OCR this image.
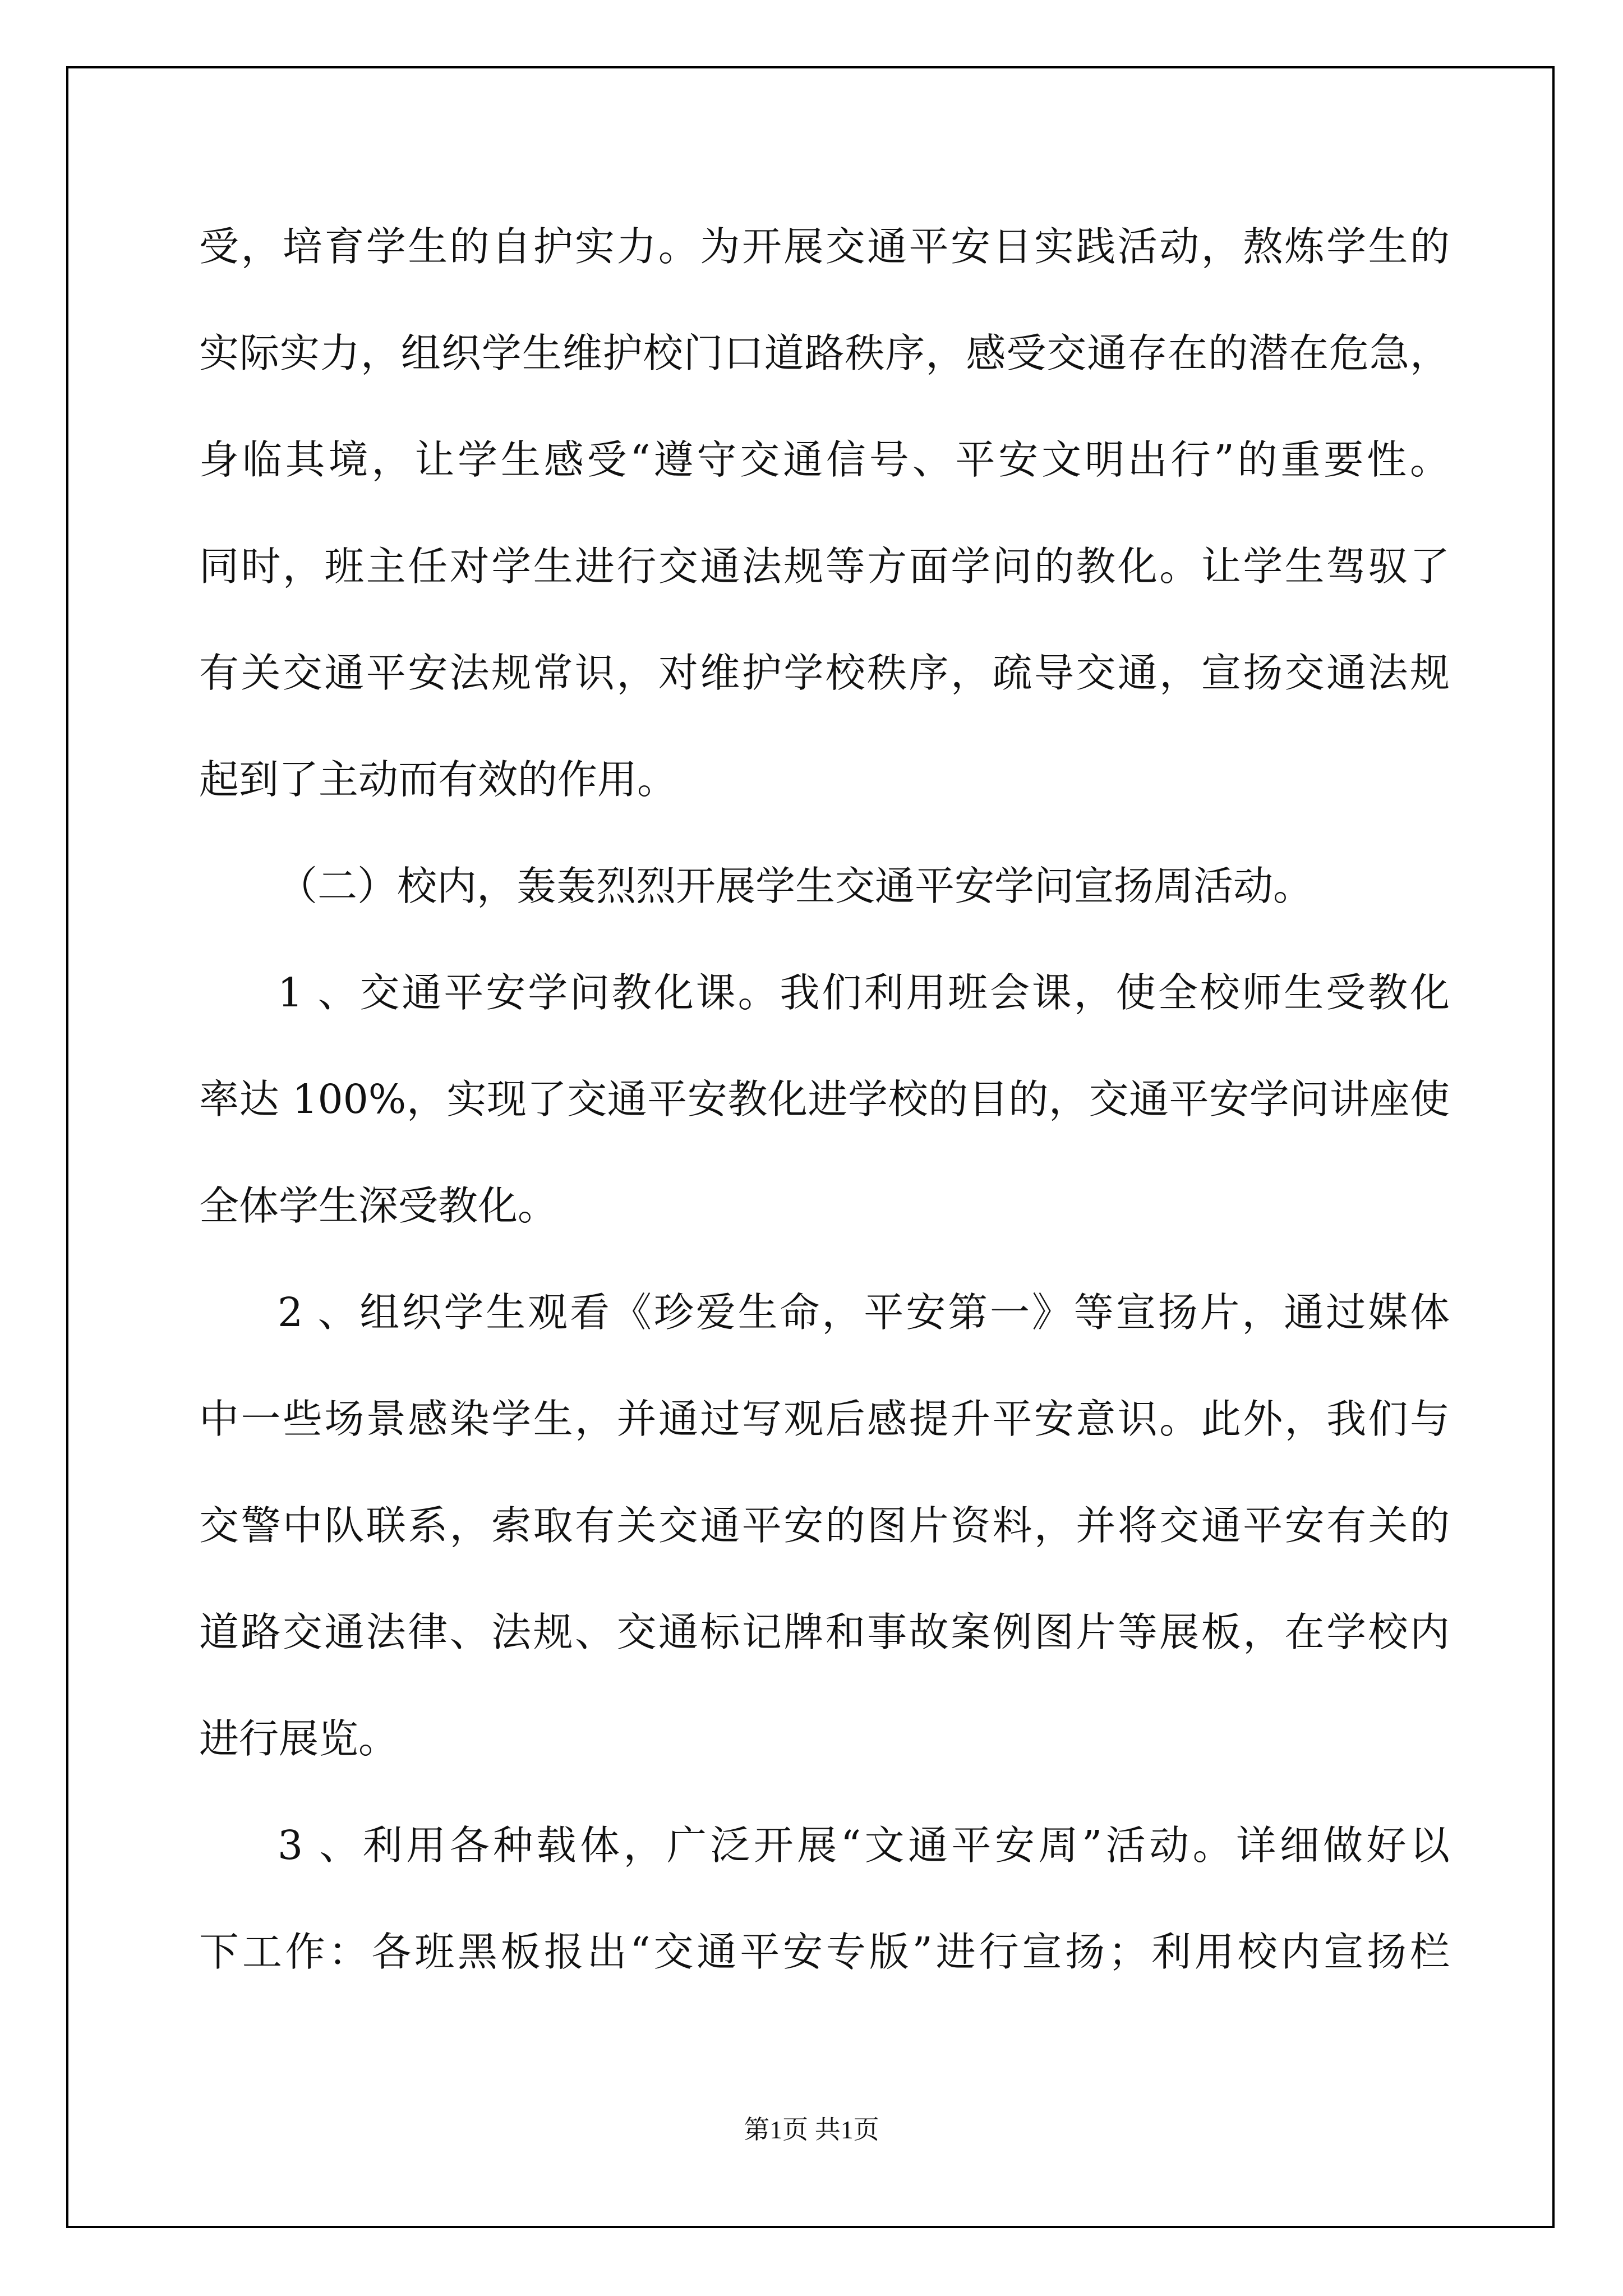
受，培育学生的自护实力。为开展交通平安日实践活动，熬炼学生的
实际实力，组织学生维护校门口道路秩序，感受交通存在的潜在危急，
身临其境，让学生感受“遵守交通信号、平安文明出行”的重要性。
同时，班主任对学生进行交通法规等方面学问的教化。让学生驾驭了
有关交通平安法规常识，对维护学校秩序，疏导交通，宣扬交通法规
起到了主动而有效的作用。
（二）校内，轰轰烈烈开展学生交通平安学问宣扬周活动。
1 、交通平安学问教化课。我们利用班会课，使全校师生受教化
率达 100%，实现了交通平安教化进学校的目的，交通平安学问讲座使
全体学生深受教化。
2 、组织学生观看《珍爱生命，平安第一》等宣扬片，通过媒体
中一些场景感染学生，并通过写观后感提升平安意识。此外，我们与
交警中队联系，索取有关交通平安的图片资料，并将交通平安有关的
道路交通法律、法规、交通标记牌和事故案例图片等展板，在学校内
进行展览。
3 、利用各种载体，广泛开展“文通平安周”活动。详细做好以
下工作：各班黑板报出“交通平安专版”进行宣扬；利用校内宣扬栏
第1页 共1页
